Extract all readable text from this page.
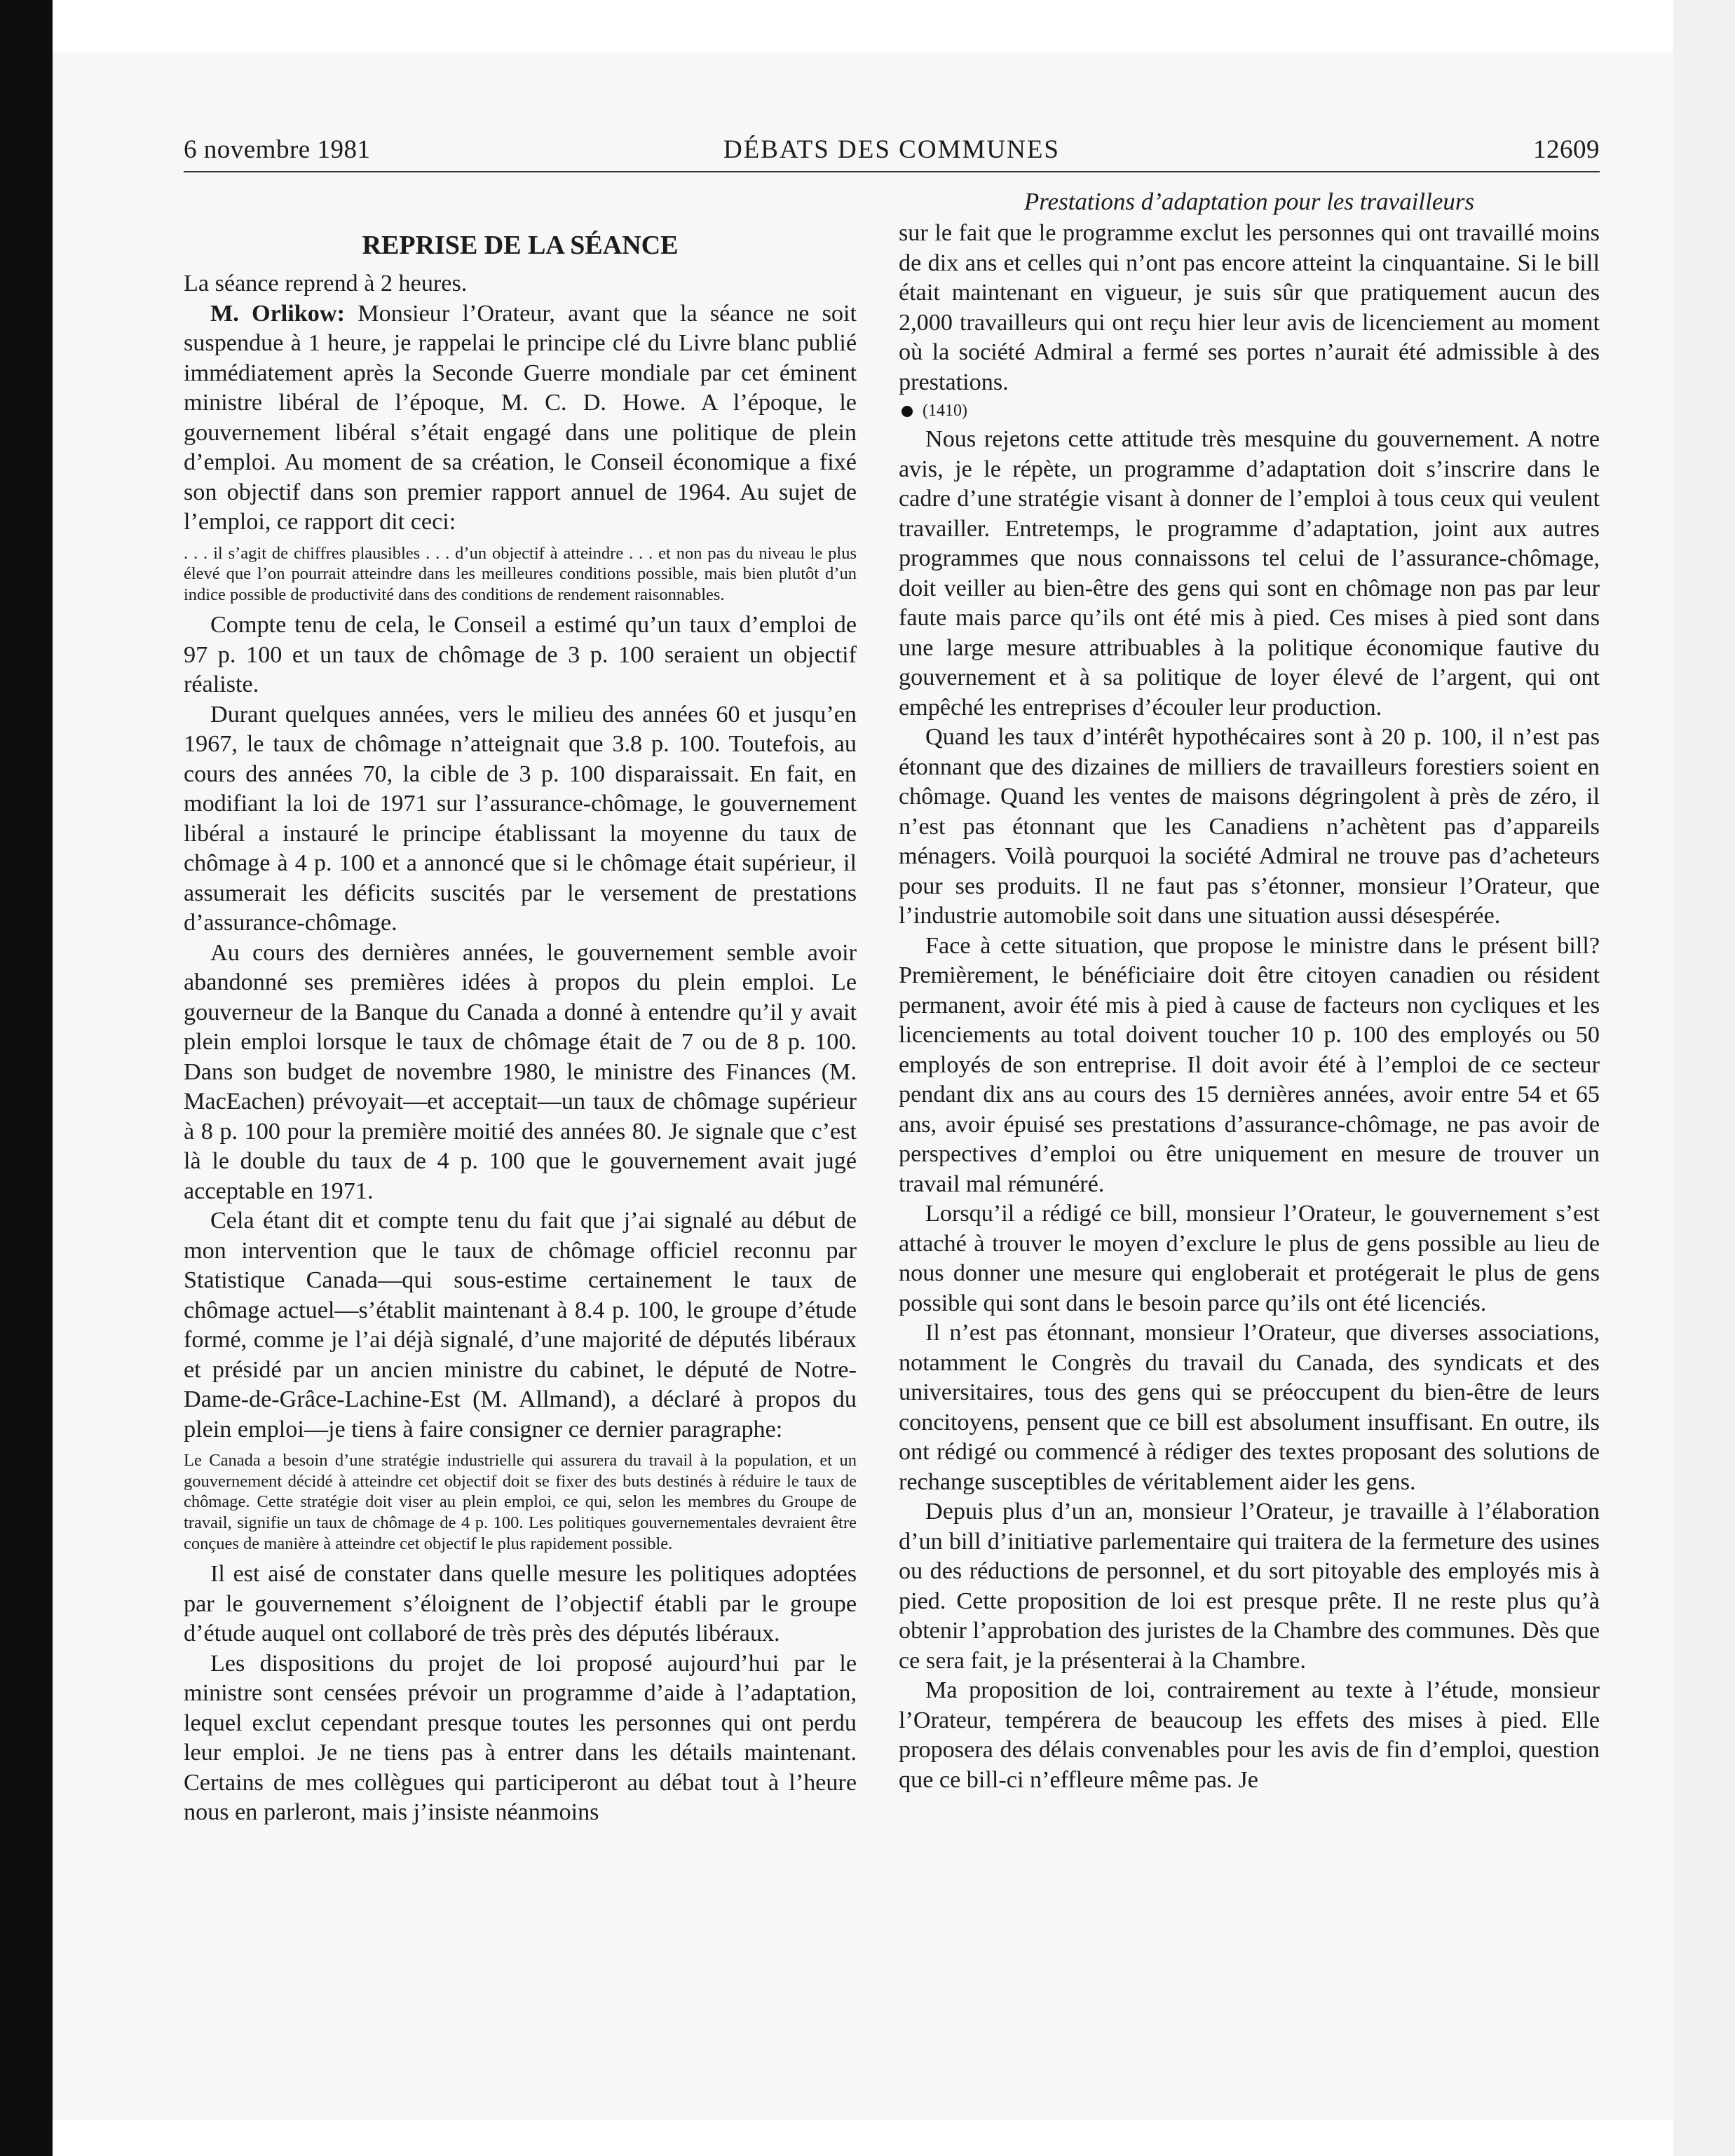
6 novembre 1981	DÉBATS DES COMMUNES	12609
REPRISE DE LA SÉANCE

La séance reprend à 2 heures.

M. Orlikow: Monsieur l’Orateur, avant que la séance ne soit suspendue à 1 heure, je rappelai le principe clé du Livre blanc publié immédiatement après la Seconde Guerre mondiale par cet éminent ministre libéral de l’époque, M. C. D. Howe. A l’époque, le gouvernement libéral s’était engagé dans une politique de plein d’emploi. Au moment de sa création, le Conseil économique a fixé son objectif dans son premier rapport annuel de 1964. Au sujet de l’emploi, ce rapport dit ceci:

. . . il s’agit de chiffres plausibles . . . d’un objectif à atteindre . . . et non pas du niveau le plus élevé que l’on pourrait atteindre dans les meilleures conditions possible, mais bien plutôt d’un indice possible de productivité dans des conditions de rendement raisonnables.

Compte tenu de cela, le Conseil a estimé qu’un taux d’emploi de 97 p. 100 et un taux de chômage de 3 p. 100 seraient un objectif réaliste.

Durant quelques années, vers le milieu des années 60 et jusqu’en 1967, le taux de chômage n’atteignait que 3.8 p. 100. Toutefois, au cours des années 70, la cible de 3 p. 100 disparaissait. En fait, en modifiant la loi de 1971 sur l’assurance-chômage, le gouvernement libéral a instauré le principe établissant la moyenne du taux de chômage à 4 p. 100 et a annoncé que si le chômage était supérieur, il assumerait les déficits suscités par le versement de prestations d’assurance-chômage.

Au cours des dernières années, le gouvernement semble avoir abandonné ses premières idées à propos du plein emploi. Le gouverneur de la Banque du Canada a donné à entendre qu’il y avait plein emploi lorsque le taux de chômage était de 7 ou de 8 p. 100. Dans son budget de novembre 1980, le ministre des Finances (M. MacEachen) prévoyait—et acceptait—un taux de chômage supérieur à 8 p. 100 pour la première moitié des années 80. Je signale que c’est là le double du taux de 4 p. 100 que le gouvernement avait jugé acceptable en 1971.

Cela étant dit et compte tenu du fait que j’ai signalé au début de mon intervention que le taux de chômage officiel reconnu par Statistique Canada—qui sous-estime certainement le taux de chômage actuel—s’établit maintenant à 8.4 p. 100, le groupe d’étude formé, comme je l’ai déjà signalé, d’une majorité de députés libéraux et présidé par un ancien ministre du cabinet, le député de Notre-Dame-de-Grâce-Lachine-Est (M. Allmand), a déclaré à propos du plein emploi—je tiens à faire consigner ce dernier paragraphe:

Le Canada a besoin d’une stratégie industrielle qui assurera du travail à la population, et un gouvernement décidé à atteindre cet objectif doit se fixer des buts destinés à réduire le taux de chômage. Cette stratégie doit viser au plein emploi, ce qui, selon les membres du Groupe de travail, signifie un taux de chômage de 4 p. 100. Les politiques gouvernementales devraient être conçues de manière à atteindre cet objectif le plus rapidement possible.

Il est aisé de constater dans quelle mesure les politiques adoptées par le gouvernement s’éloignent de l’objectif établi par le groupe d’étude auquel ont collaboré de très près des députés libéraux.

Les dispositions du projet de loi proposé aujourd’hui par le ministre sont censées prévoir un programme d’aide à l’adaptation, lequel exclut cependant presque toutes les personnes qui ont perdu leur emploi. Je ne tiens pas à entrer dans les détails maintenant. Certains de mes collègues qui participeront au débat tout à l’heure nous en parleront, mais j’insiste néanmoins

Prestations d’adaptation pour les travailleurs

sur le fait que le programme exclut les personnes qui ont travaillé moins de dix ans et celles qui n’ont pas encore atteint la cinquantaine. Si le bill était maintenant en vigueur, je suis sûr que pratiquement aucun des 2,000 travailleurs qui ont reçu hier leur avis de licenciement au moment où la société Admiral a fermé ses portes n’aurait été admissible à des prestations.

(1410)

Nous rejetons cette attitude très mesquine du gouvernement. A notre avis, je le répète, un programme d’adaptation doit s’inscrire dans le cadre d’une stratégie visant à donner de l’emploi à tous ceux qui veulent travailler. Entretemps, le programme d’adaptation, joint aux autres programmes que nous connaissons tel celui de l’assurance-chômage, doit veiller au bien-être des gens qui sont en chômage non pas par leur faute mais parce qu’ils ont été mis à pied. Ces mises à pied sont dans une large mesure attribuables à la politique économique fautive du gouvernement et à sa politique de loyer élevé de l’argent, qui ont empêché les entreprises d’écouler leur production.

Quand les taux d’intérêt hypothécaires sont à 20 p. 100, il n’est pas étonnant que des dizaines de milliers de travailleurs forestiers soient en chômage. Quand les ventes de maisons dégringolent à près de zéro, il n’est pas étonnant que les Canadiens n’achètent pas d’appareils ménagers. Voilà pourquoi la société Admiral ne trouve pas d’acheteurs pour ses produits. Il ne faut pas s’étonner, monsieur l’Orateur, que l’industrie automobile soit dans une situation aussi désespérée.

Face à cette situation, que propose le ministre dans le présent bill? Premièrement, le bénéficiaire doit être citoyen canadien ou résident permanent, avoir été mis à pied à cause de facteurs non cycliques et les licenciements au total doivent toucher 10 p. 100 des employés ou 50 employés de son entreprise. Il doit avoir été à l’emploi de ce secteur pendant dix ans au cours des 15 dernières années, avoir entre 54 et 65 ans, avoir épuisé ses prestations d’assurance-chômage, ne pas avoir de perspectives d’emploi ou être uniquement en mesure de trouver un travail mal rémunéré.

Lorsqu’il a rédigé ce bill, monsieur l’Orateur, le gouvernement s’est attaché à trouver le moyen d’exclure le plus de gens possible au lieu de nous donner une mesure qui engloberait et protégerait le plus de gens possible qui sont dans le besoin parce qu’ils ont été licenciés.

Il n’est pas étonnant, monsieur l’Orateur, que diverses associations, notamment le Congrès du travail du Canada, des syndicats et des universitaires, tous des gens qui se préoccupent du bien-être de leurs concitoyens, pensent que ce bill est absolument insuffisant. En outre, ils ont rédigé ou commencé à rédiger des textes proposant des solutions de rechange susceptibles de véritablement aider les gens.

Depuis plus d’un an, monsieur l’Orateur, je travaille à l’élaboration d’un bill d’initiative parlementaire qui traitera de la fermeture des usines ou des réductions de personnel, et du sort pitoyable des employés mis à pied. Cette proposition de loi est presque prête. Il ne reste plus qu’à obtenir l’approbation des juristes de la Chambre des communes. Dès que ce sera fait, je la présenterai à la Chambre.

Ma proposition de loi, contrairement au texte à l’étude, monsieur l’Orateur, tempérera de beaucoup les effets des mises à pied. Elle proposera des délais convenables pour les avis de fin d’emploi, question que ce bill-ci n’effleure même pas. Je
